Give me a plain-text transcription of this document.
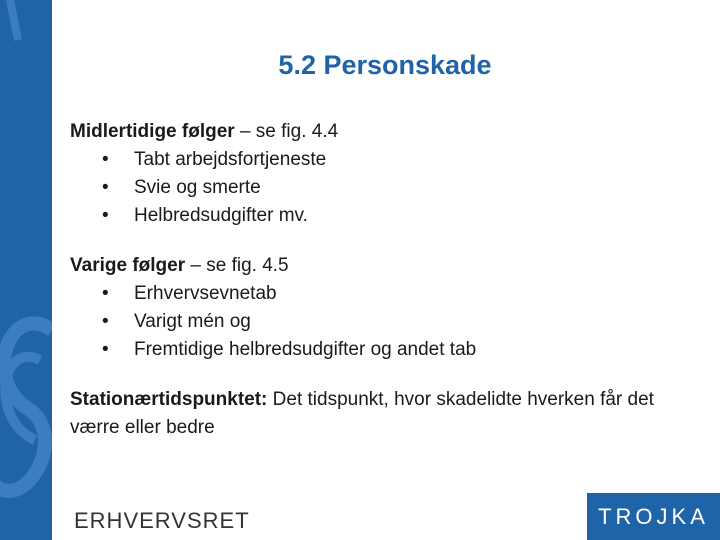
5.2 Personskade
Midlertidige følger – se fig. 4.4
• Tabt arbejdsfortjeneste
• Svie og smerte
• Helbredsudgifter mv.
Varige følger – se fig. 4.5
• Erhvervsevnetab
• Varigt mén og
• Fremtidige helbredsudgifter og andet tab
Stationærtidspunktet: Det tidspunkt, hvor skadelidte hverken får det værre eller bedre
ERHVERVSRET	TROJKA
